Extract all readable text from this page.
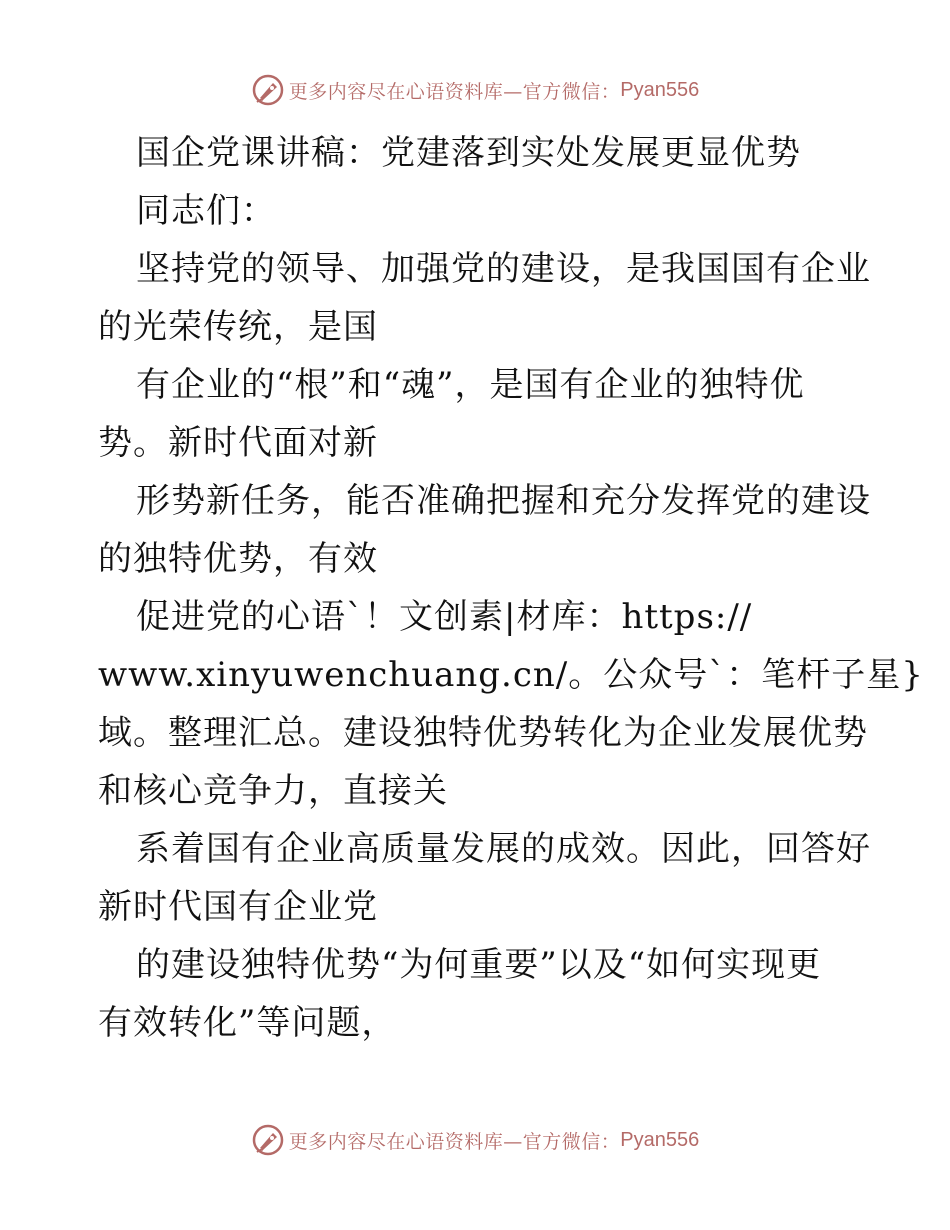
更多内容尽在心语资料库—官方微信： Pyan556
国企党课讲稿：党建落到实处发展更显优势
同志们：
坚持党的领导、加强党的建设，是我国国有企业
的光荣传统，是国
有企业的“根”和“魂”，是国有企业的独特优
势。新时代面对新
形势新任务，能否准确把握和充分发挥党的建设
的独特优势，有效
促进党的心语`！文创素|材库：https://
www.xinyuwenchuang.cn/。公众号`：笔杆子星}
域。整理汇总。建设独特优势转化为企业发展优势
和核心竞争力，直接关
系着国有企业高质量发展的成效。因此，回答好
新时代国有企业党
的建设独特优势“为何重要”以及“如何实现更
有效转化”等问题，
更多内容尽在心语资料库—官方微信： Pyan556
